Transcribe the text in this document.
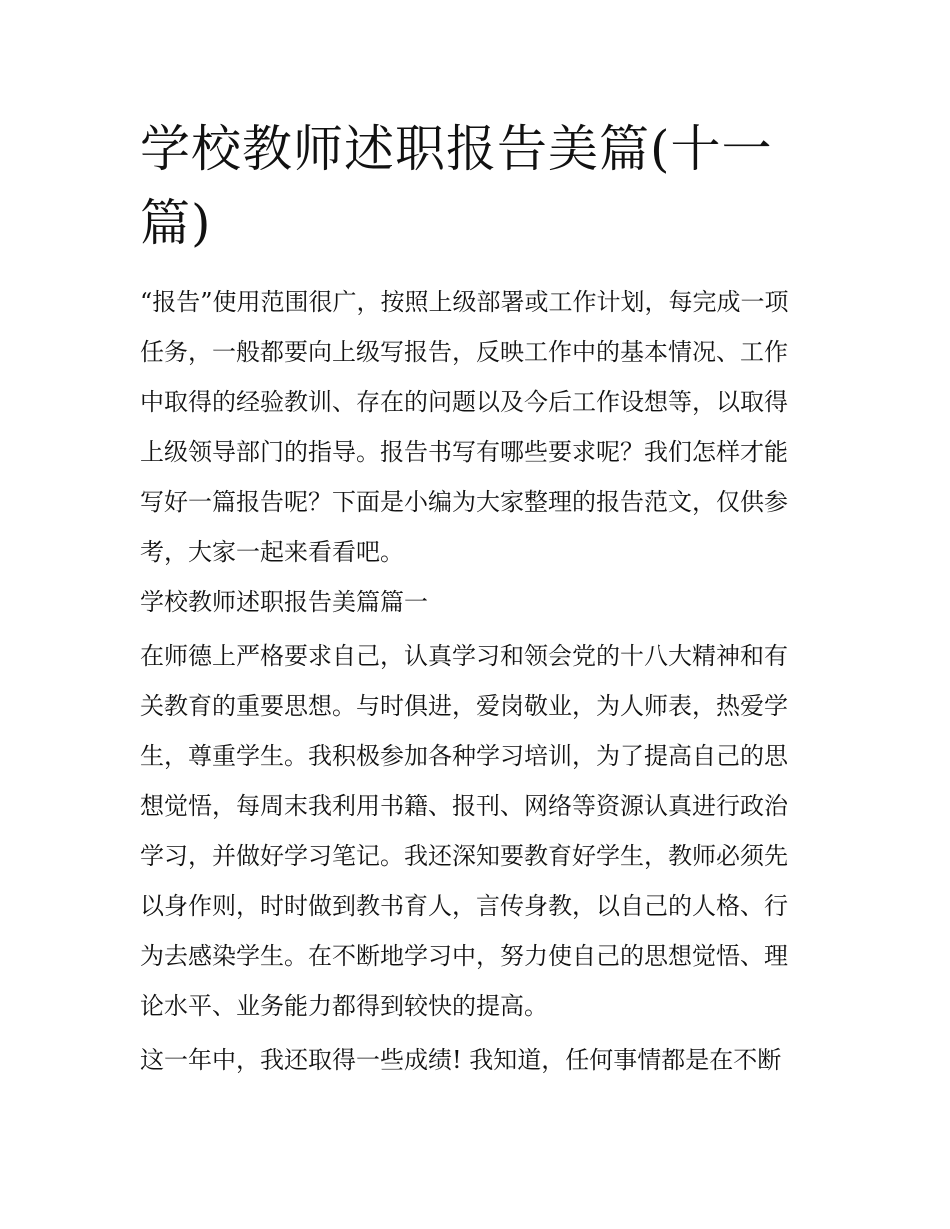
学校教师述职报告美篇(十一
篇)

“报告”使用范围很广，按照上级部署或工作计划，每完成一项

任务，一般都要向上级写报告，反映工作中的基本情况、工作

中取得的经验教训、存在的问题以及今后工作设想等，以取得

上级领导部门的指导。报告书写有哪些要求呢？我们怎样才能

写好一篇报告呢？下面是小编为大家整理的报告范文，仅供参

考，大家一起来看看吧。

学校教师述职报告美篇篇一

在师德上严格要求自己，认真学习和领会党的十八大精神和有

关教育的重要思想。与时俱进，爱岗敬业，为人师表，热爱学

生，尊重学生。我积极参加各种学习培训，为了提高自己的思

想觉悟，每周末我利用书籍、报刊、网络等资源认真进行政治

学习，并做好学习笔记。我还深知要教育好学生，教师必须先

以身作则，时时做到教书育人，言传身教，以自己的人格、行

为去感染学生。在不断地学习中，努力使自己的思想觉悟、理

论水平、业务能力都得到较快的提高。

这一年中，我还取得一些成绩! 我知道，任何事情都是在不断
